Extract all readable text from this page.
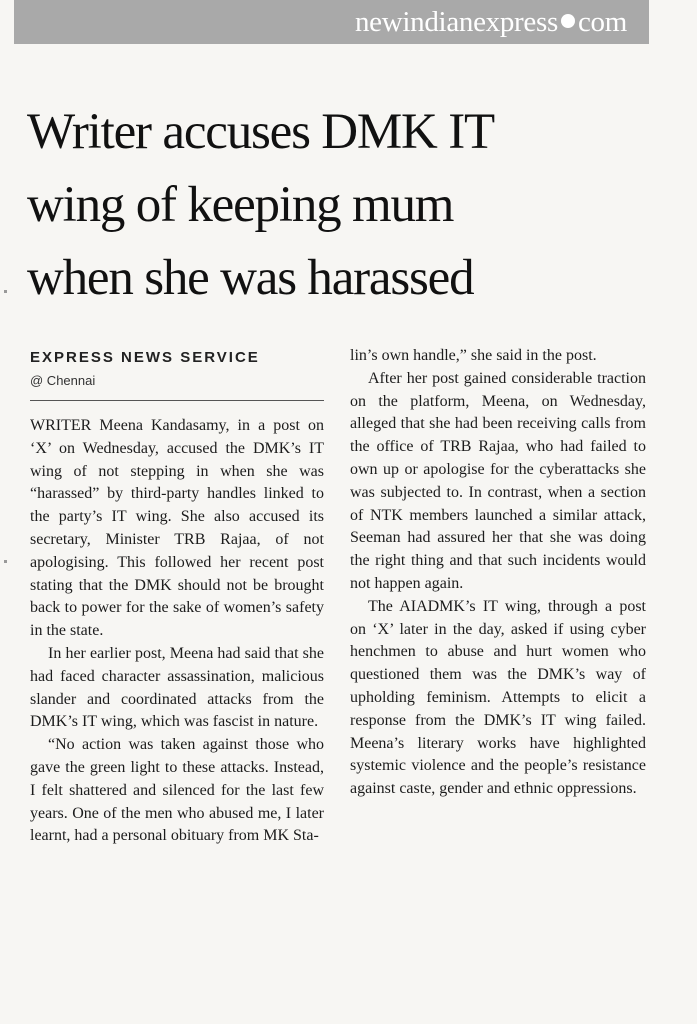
newindianexpress com
Writer accuses DMK IT
wing of keeping mum
when she was harassed
EXPRESS NEWS SERVICE
@ Chennai

WRITER Meena Kandasamy, in a post on ‘X’ on Wednesday, accused the DMK’s IT wing of not stepping in when she was “harassed” by third-party handles linked to the party’s IT wing. She also accused its secretary, Minister TRB Rajaa, of not apologising. This followed her recent post stating that the DMK should not be brought back to power for the sake of women’s safety in the state.

In her earlier post, Meena had said that she had faced character assassination, malicious slander and coordinated attacks from the DMK’s IT wing, which was fascist in nature.

“No action was taken against those who gave the green light to these attacks. Instead, I felt shattered and silenced for the last few years. One of the men who abused me, I later learnt, had a personal obituary from MK Sta-

lin’s own handle,” she said in the post.

After her post gained considerable traction on the platform, Meena, on Wednesday, alleged that she had been receiving calls from the office of TRB Rajaa, who had failed to own up or apologise for the cyberattacks she was subjected to. In contrast, when a section of NTK members launched a similar attack, Seeman had assured her that she was doing the right thing and that such incidents would not happen again.

The AIADMK’s IT wing, through a post on ‘X’ later in the day, asked if using cyber henchmen to abuse and hurt women who questioned them was the DMK’s way of upholding feminism. Attempts to elicit a response from the DMK’s IT wing failed. Meena’s literary works have highlighted systemic violence and the people’s resistance against caste, gender and ethnic oppressions.
